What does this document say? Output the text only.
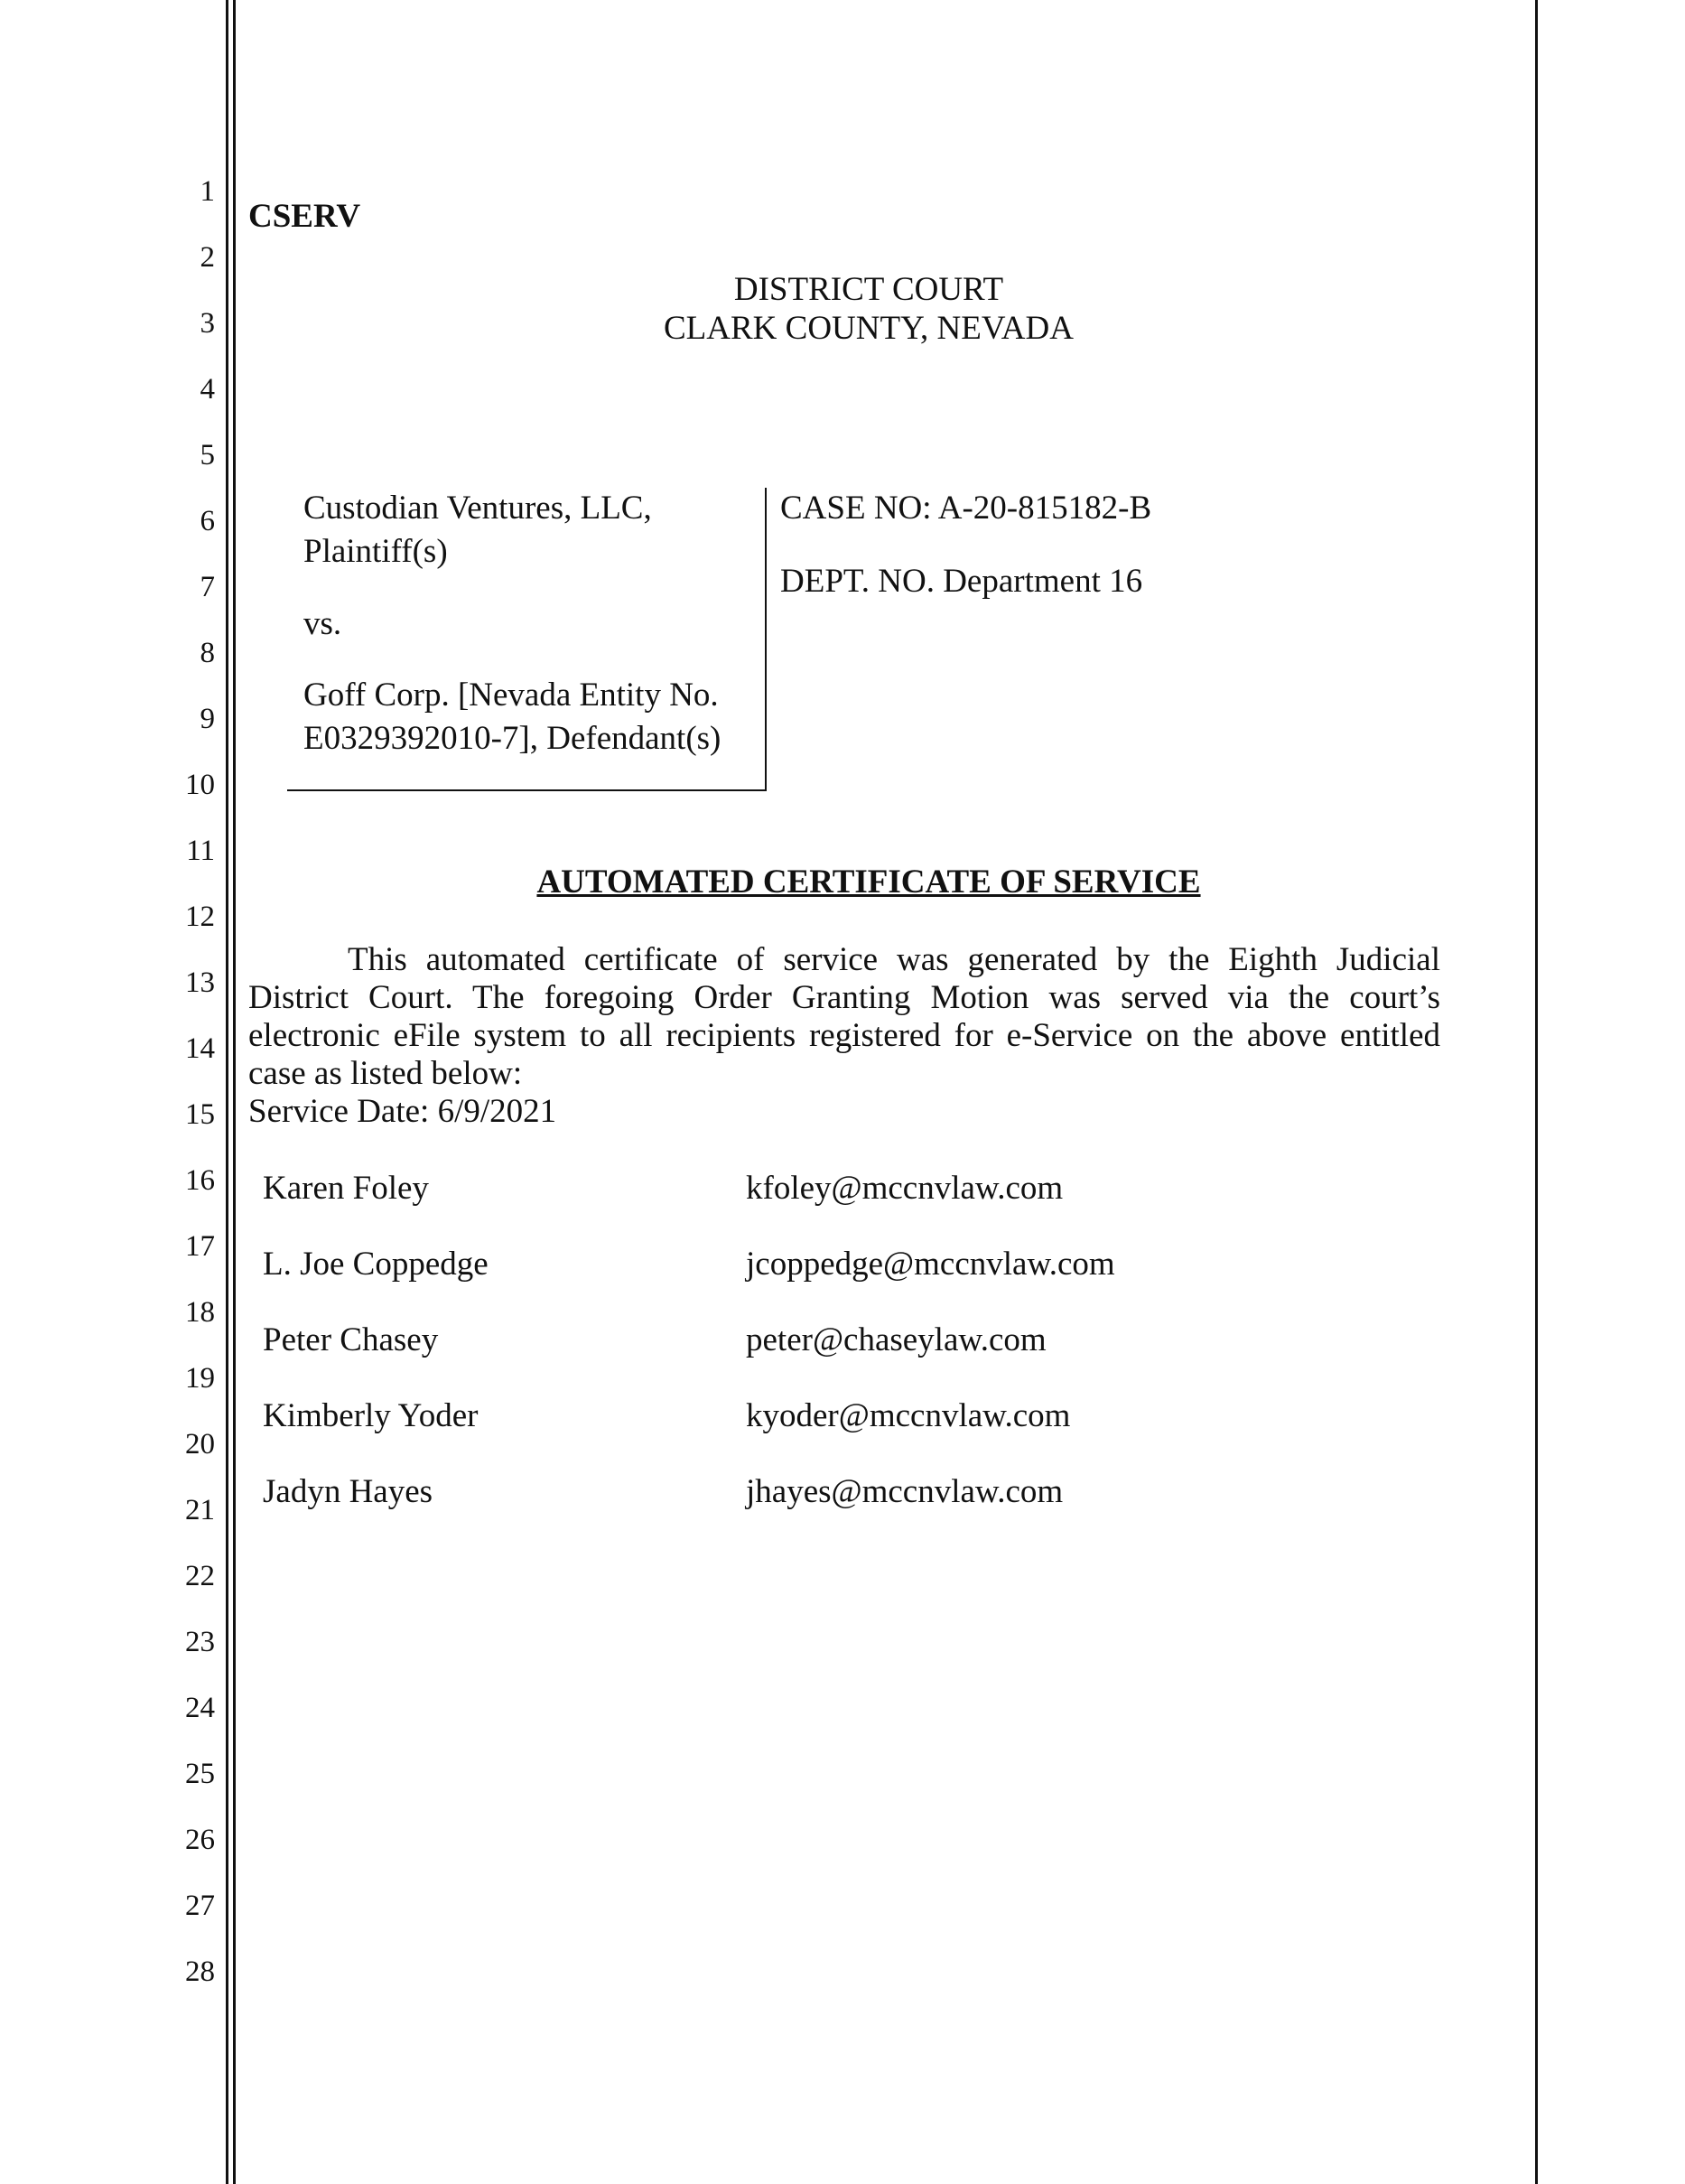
1
2
3
4
5
6
7
8
9
10
11
12
13
14
15
16
17
18
19
20
21
22
23
24
25
26
27
28
CSERV
DISTRICT COURT
CLARK COUNTY, NEVADA
Custodian Ventures, LLC,
Plaintiff(s)
vs.
Goff Corp. [Nevada Entity No.
E0329392010-7], Defendant(s)
CASE NO: A-20-815182-B
DEPT. NO. Department 16
AUTOMATED CERTIFICATE OF SERVICE
This automated certificate of service was generated by the Eighth Judicial District Court. The foregoing Order Granting Motion was served via the court’s electronic eFile system to all recipients registered for e-Service on the above entitled case as listed below:
Service Date: 6/9/2021
Karen Foley	kfoley@mccnvlaw.com
L. Joe Coppedge	jcoppedge@mccnvlaw.com
Peter Chasey	peter@chaseylaw.com
Kimberly Yoder	kyoder@mccnvlaw.com
Jadyn Hayes	jhayes@mccnvlaw.com
